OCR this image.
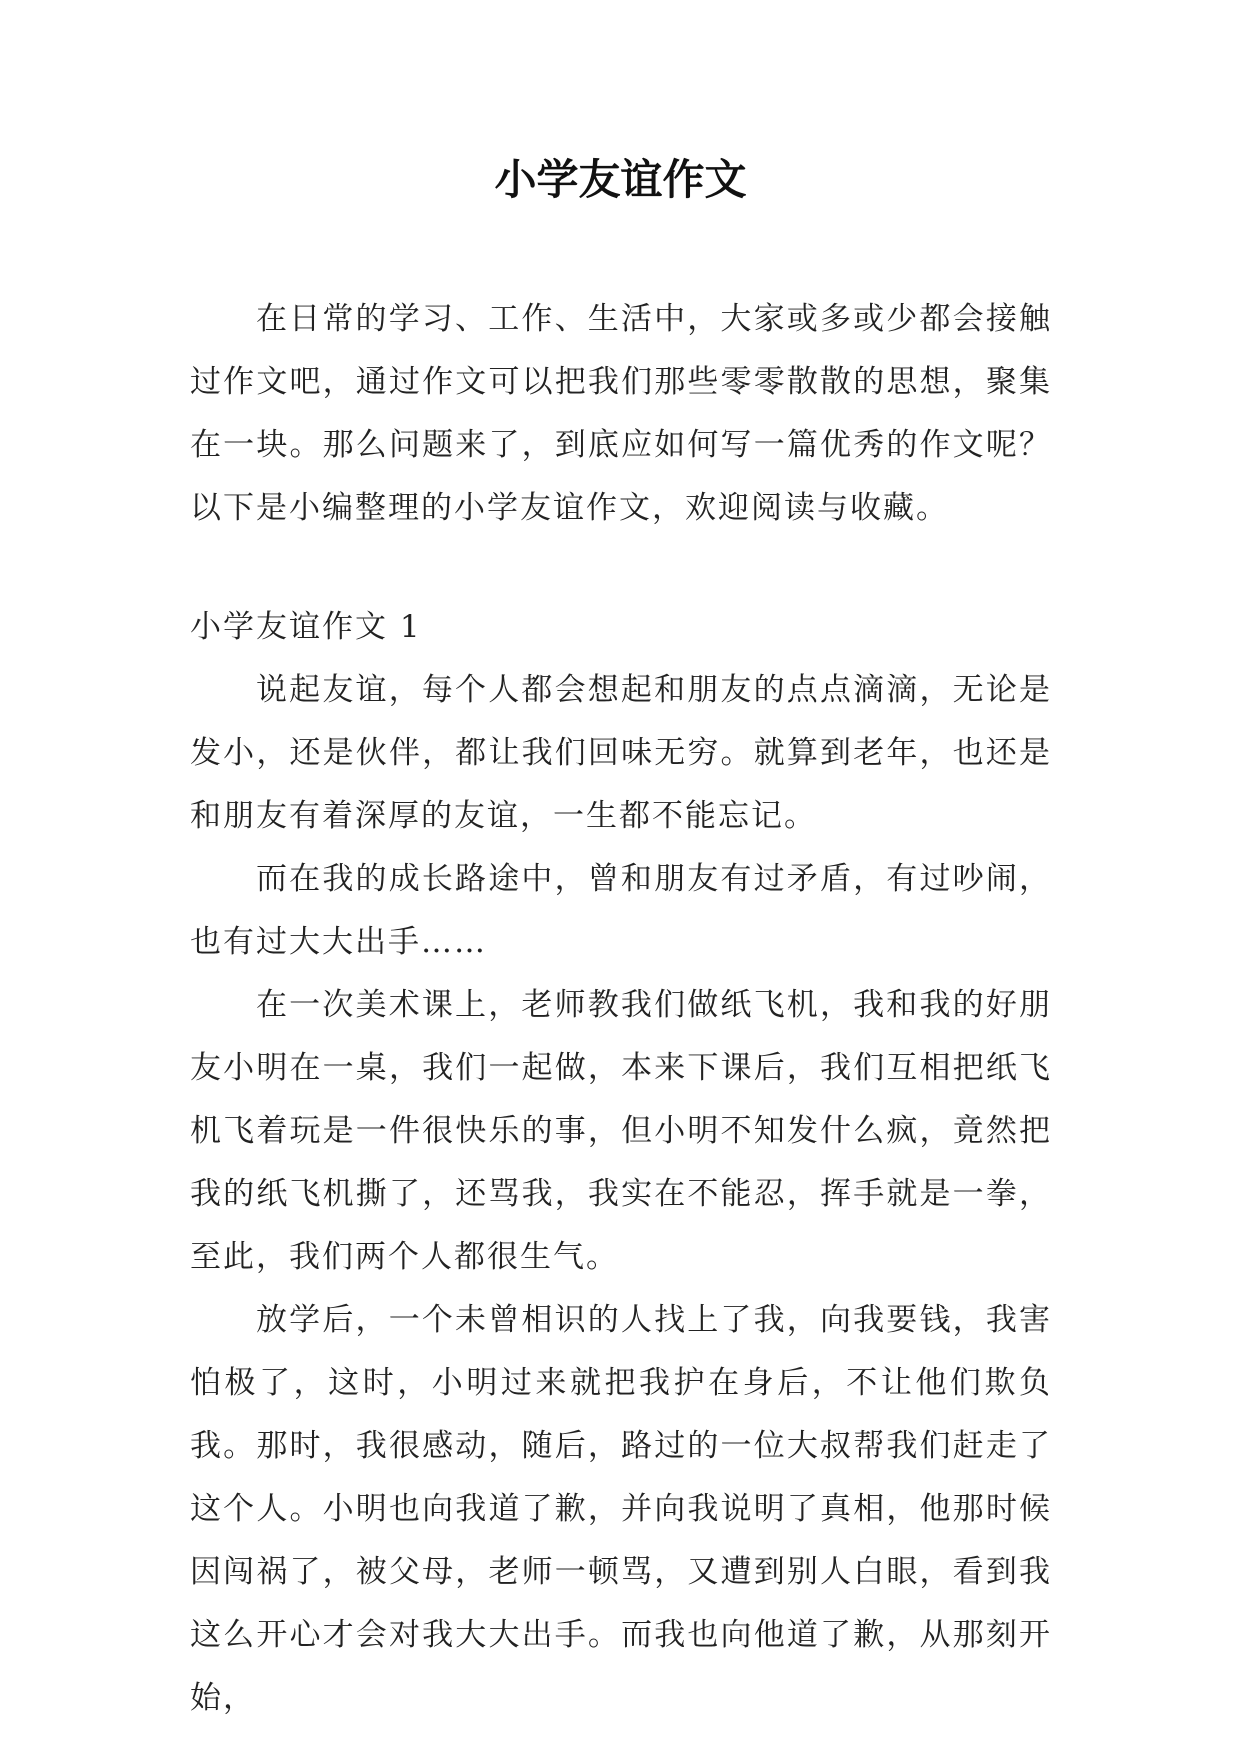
小学友谊作文

在日常的学习、工作、生活中，大家或多或少都会接触过作文吧，通过作文可以把我们那些零零散散的思想，聚集在一块。那么问题来了，到底应如何写一篇优秀的作文呢？以下是小编整理的小学友谊作文，欢迎阅读与收藏。

小学友谊作文 1

说起友谊，每个人都会想起和朋友的点点滴滴，无论是发小，还是伙伴，都让我们回味无穷。就算到老年，也还是和朋友有着深厚的友谊，一生都不能忘记。

而在我的成长路途中，曾和朋友有过矛盾，有过吵闹，也有过大大出手……

在一次美术课上，老师教我们做纸飞机，我和我的好朋友小明在一桌，我们一起做，本来下课后，我们互相把纸飞机飞着玩是一件很快乐的事，但小明不知发什么疯，竟然把我的纸飞机撕了，还骂我，我实在不能忍，挥手就是一拳，至此，我们两个人都很生气。

放学后，一个未曾相识的人找上了我，向我要钱，我害怕极了，这时，小明过来就把我护在身后，不让他们欺负我。那时，我很感动，随后，路过的一位大叔帮我们赶走了这个人。小明也向我道了歉，并向我说明了真相，他那时候因闯祸了，被父母，老师一顿骂，又遭到别人白眼，看到我这么开心才会对我大大出手。而我也向他道了歉，从那刻开始，
